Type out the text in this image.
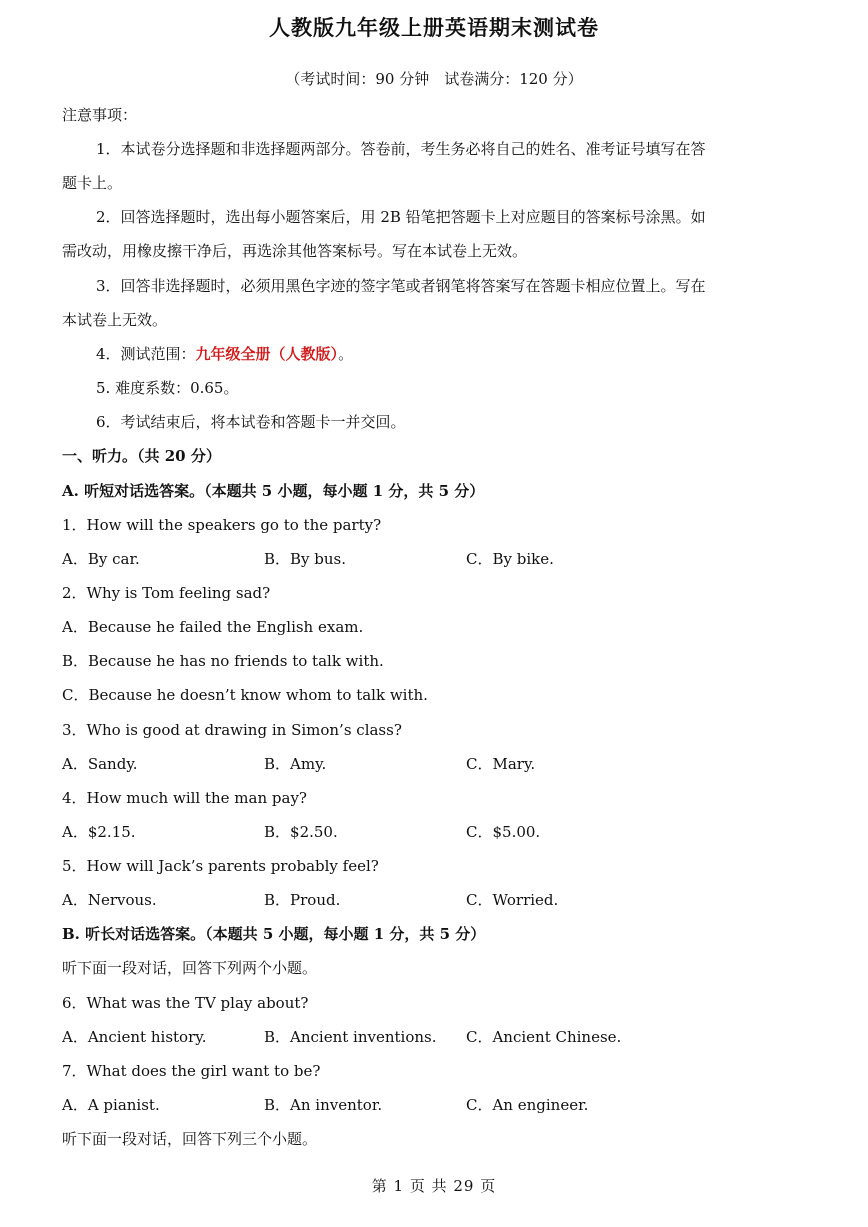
人教版九年级上册英语期末测试卷
（考试时间：90 分钟　试卷满分：120 分）
注意事项：
1．本试卷分选择题和非选择题两部分。答卷前，考生务必将自己的姓名、准考证号填写在答
题卡上。
2．回答选择题时，选出每小题答案后，用 2B 铅笔把答题卡上对应题目的答案标号涂黑。如
需改动，用橡皮擦干净后，再选涂其他答案标号。写在本试卷上无效。
3．回答非选择题时，必须用黑色字迹的签字笔或者钢笔将答案写在答题卡相应位置上。写在
本试卷上无效。
4．测试范围：九年级全册（人教版）。
5. 难度系数：0.65。
6．考试结束后，将本试卷和答题卡一并交回。
一、听力。（共 20 分）
A. 听短对话选答案。（本题共 5 小题，每小题 1 分，共 5 分）
1．How will the speakers go to the party?
A．By car.	B．By bus.	C．By bike.
2．Why is Tom feeling sad?
A．Because he failed the English exam.
B．Because he has no friends to talk with.
C．Because he doesn’t know whom to talk with.
3．Who is good at drawing in Simon’s class?
A．Sandy.	B．Amy.	C．Mary.
4．How much will the man pay?
A．$2.15.	B．$2.50.	C．$5.00.
5．How will Jack’s parents probably feel?
A．Nervous.	B．Proud.	C．Worried.
B. 听长对话选答案。（本题共 5 小题，每小题 1 分，共 5 分）
听下面一段对话，回答下列两个小题。
6．What was the TV play about?
A．Ancient history.	B．Ancient inventions. C．Ancient Chinese.
7．What does the girl want to be?
A．A pianist.	B．An inventor.	C．An engineer.
听下面一段对话，回答下列三个小题。
第 1 页 共 29 页
